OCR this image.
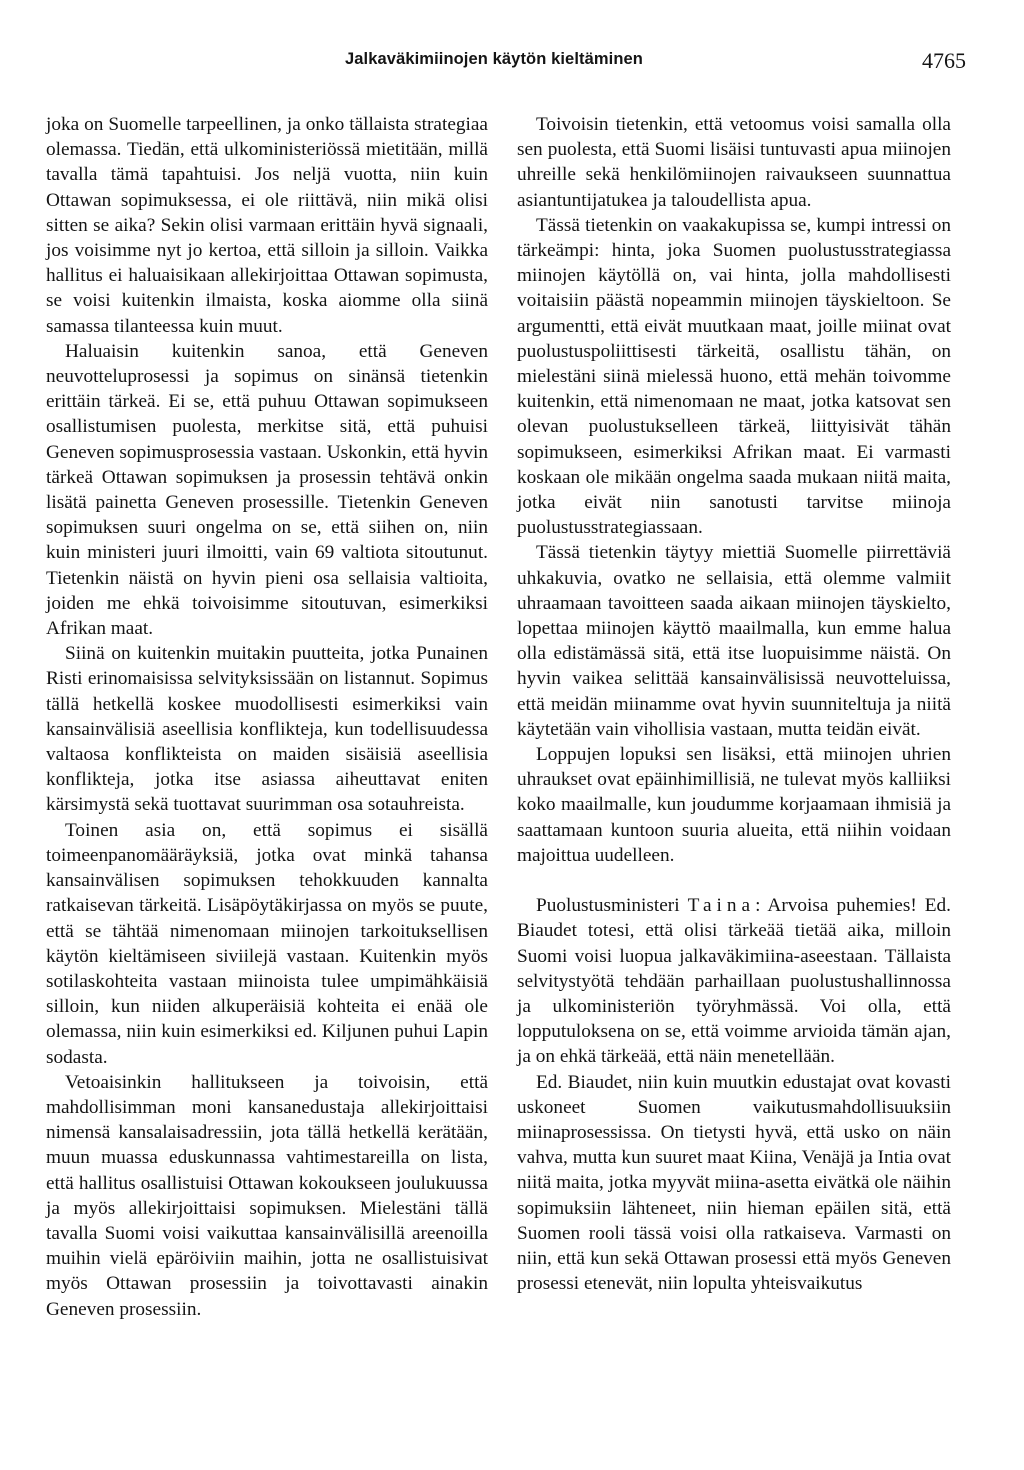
Jalkaväkimiinojen käytön kieltäminen	4765

joka on Suomelle tarpeellinen, ja onko tällaista strategiaa olemassa. Tiedän, että ulkoministeriössä mietitään, millä tavalla tämä tapahtuisi. Jos neljä vuotta, niin kuin Ottawan sopimuksessa, ei ole riittävä, niin mikä olisi sitten se aika? Sekin olisi varmaan erittäin hyvä signaali, jos voisimme nyt jo kertoa, että silloin ja silloin. Vaikka hallitus ei haluaisikaan allekirjoittaa Ottawan sopimusta, se voisi kuitenkin ilmaista, koska aiomme olla siinä samassa tilanteessa kuin muut.

Haluaisin kuitenkin sanoa, että Geneven neuvotteluprosessi ja sopimus on sinänsä tietenkin erittäin tärkeä. Ei se, että puhuu Ottawan sopimukseen osallistumisen puolesta, merkitse sitä, että puhuisi Geneven sopimusprosessia vastaan. Uskonkin, että hyvin tärkeä Ottawan sopimuksen ja prosessin tehtävä onkin lisätä painetta Geneven prosessille. Tietenkin Geneven sopimuksen suuri ongelma on se, että siihen on, niin kuin ministeri juuri ilmoitti, vain 69 valtiota sitoutunut. Tietenkin näistä on hyvin pieni osa sellaisia valtioita, joiden me ehkä toivoisimme sitoutuvan, esimerkiksi Afrikan maat.

Siinä on kuitenkin muitakin puutteita, jotka Punainen Risti erinomaisissa selvityksissään on listannut. Sopimus tällä hetkellä koskee muodollisesti esimerkiksi vain kansainvälisiä aseellisia konflikteja, kun todellisuudessa valtaosa konflikteista on maiden sisäisiä aseellisia konflikteja, jotka itse asiassa aiheuttavat eniten kärsimystä sekä tuottavat suurimman osa sotauhreista.

Toinen asia on, että sopimus ei sisällä toimeenpanomääräyksiä, jotka ovat minkä tahansa kansainvälisen sopimuksen tehokkuuden kannalta ratkaisevan tärkeitä. Lisäpöytäkirjassa on myös se puute, että se tähtää nimenomaan miinojen tarkoituksellisen käytön kieltämiseen siviilejä vastaan. Kuitenkin myös sotilaskohteita vastaan miinoista tulee umpimähkäisiä silloin, kun niiden alkuperäisiä kohteita ei enää ole olemassa, niin kuin esimerkiksi ed. Kiljunen puhui Lapin sodasta.

Vetoaisinkin hallitukseen ja toivoisin, että mahdollisimman moni kansanedustaja allekirjoittaisi nimensä kansalaisadressiin, jota tällä hetkellä kerätään, muun muassa eduskunnassa vahtimestareilla on lista, että hallitus osallistuisi Ottawan kokoukseen joulukuussa ja myös allekirjoittaisi sopimuksen. Mielestäni tällä tavalla Suomi voisi vaikuttaa kansainvälisillä areenoilla muihin vielä epäröiviin maihin, jotta ne osallistuisivat myös Ottawan prosessiin ja toivottavasti ainakin Geneven prosessiin.

Toivoisin tietenkin, että vetoomus voisi samalla olla sen puolesta, että Suomi lisäisi tuntuvasti apua miinojen uhreille sekä henkilömiinojen raivaukseen suunnattua asiantuntijatukea ja taloudellista apua.

Tässä tietenkin on vaakakupissa se, kumpi intressi on tärkeämpi: hinta, joka Suomen puolustusstrategiassa miinojen käytöllä on, vai hinta, jolla mahdollisesti voitaisiin päästä nopeammin miinojen täyskieltoon. Se argumentti, että eivät muutkaan maat, joille miinat ovat puolustuspoliittisesti tärkeitä, osallistu tähän, on mielestäni siinä mielessä huono, että mehän toivomme kuitenkin, että nimenomaan ne maat, jotka katsovat sen olevan puolustukselleen tärkeä, liittyisivät tähän sopimukseen, esimerkiksi Afrikan maat. Ei varmasti koskaan ole mikään ongelma saada mukaan niitä maita, jotka eivät niin sanotusti tarvitse miinoja puolustusstrategiassaan.

Tässä tietenkin täytyy miettiä Suomelle piirrettäviä uhkakuvia, ovatko ne sellaisia, että olemme valmiit uhraamaan tavoitteen saada aikaan miinojen täyskielto, lopettaa miinojen käyttö maailmalla, kun emme halua olla edistämässä sitä, että itse luopuisimme näistä. On hyvin vaikea selittää kansainvälisissä neuvotteluissa, että meidän miinamme ovat hyvin suunniteltuja ja niitä käytetään vain vihollisia vastaan, mutta teidän eivät.

Loppujen lopuksi sen lisäksi, että miinojen uhrien uhraukset ovat epäinhimillisiä, ne tulevat myös kalliiksi koko maailmalle, kun joudumme korjaamaan ihmisiä ja saattamaan kuntoon suuria alueita, että niihin voidaan majoittua uudelleen.

Puolustusministeri Taina: Arvoisa puhemies! Ed. Biaudet totesi, että olisi tärkeää tietää aika, milloin Suomi voisi luopua jalkaväkimiina-aseestaan. Tällaista selvitystyötä tehdään parhaillaan puolustushallinnossa ja ulkoministeriön työryhmässä. Voi olla, että lopputuloksena on se, että voimme arvioida tämän ajan, ja on ehkä tärkeää, että näin menetellään.

Ed. Biaudet, niin kuin muutkin edustajat ovat kovasti uskoneet Suomen vaikutusmahdollisuuksiin miinaprosessissa. On tietysti hyvä, että usko on näin vahva, mutta kun suuret maat Kiina, Venäjä ja Intia ovat niitä maita, jotka myyvät miina-asetta eivätkä ole näihin sopimuksiin lähteneet, niin hieman epäilen sitä, että Suomen rooli tässä voisi olla ratkaiseva. Varmasti on niin, että kun sekä Ottawan prosessi että myös Geneven prosessi etenevät, niin lopulta yhteisvaikutus
